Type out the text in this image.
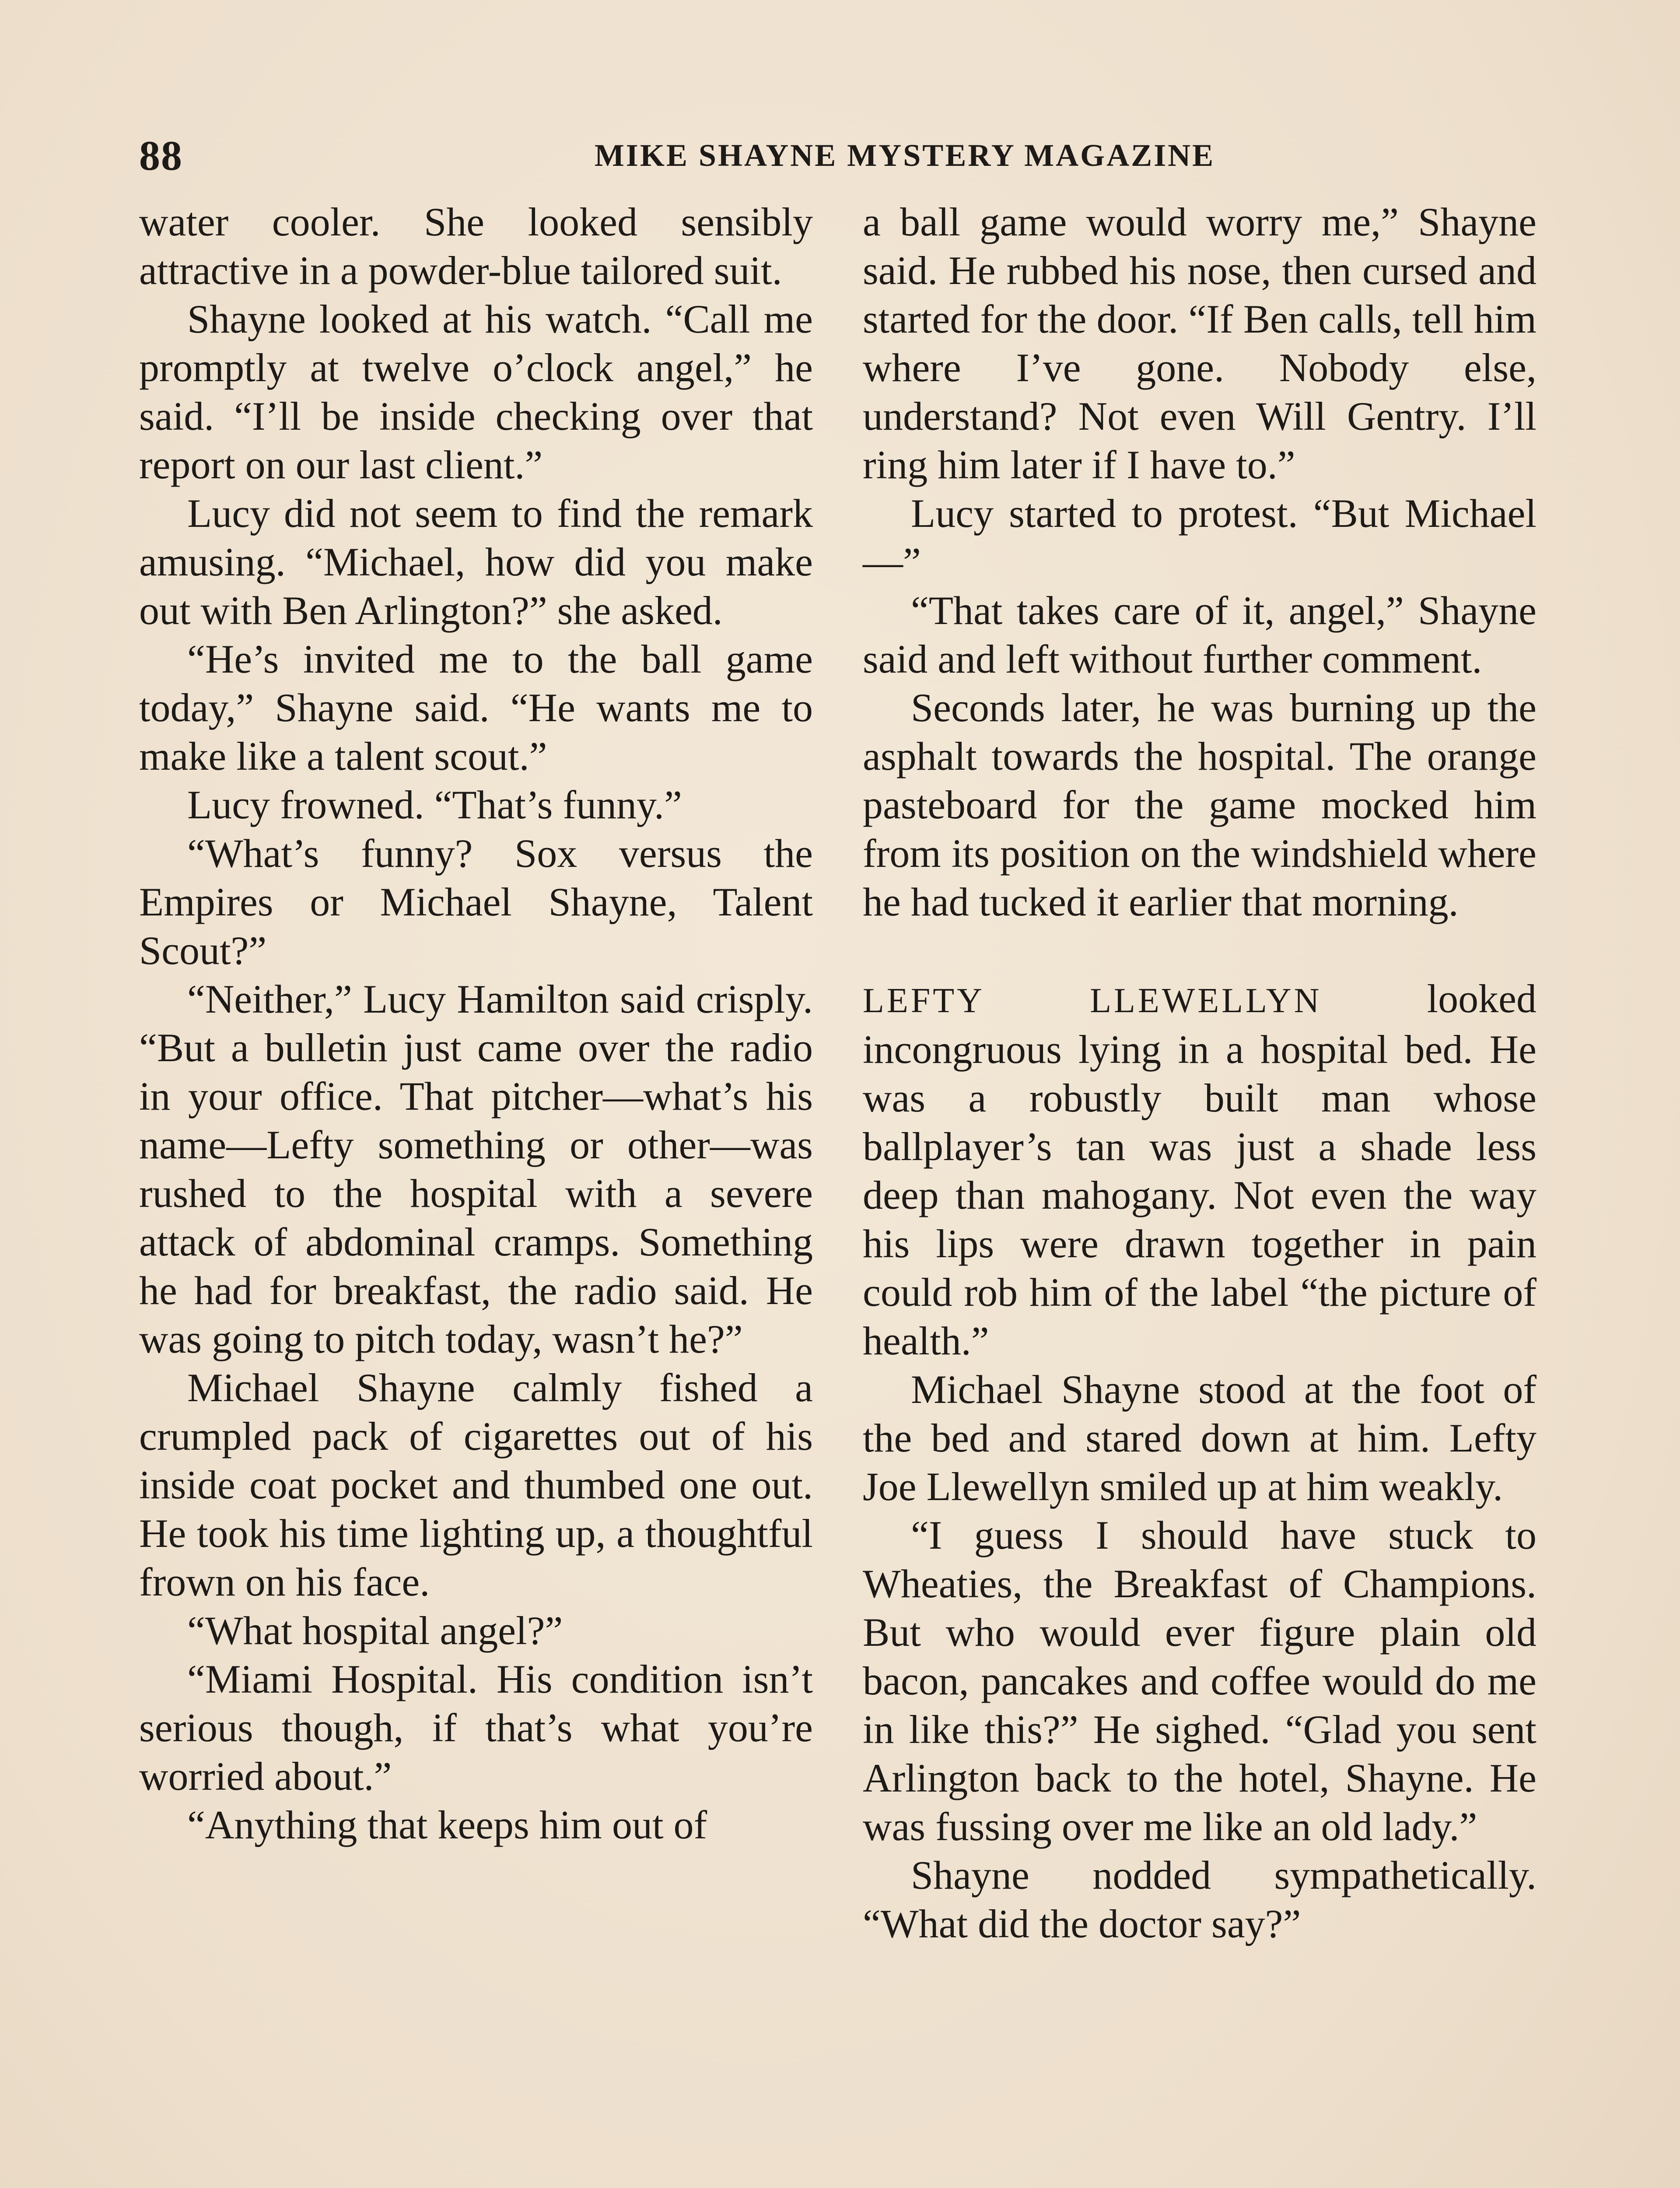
88	MIKE SHAYNE MYSTERY MAGAZINE

water cooler. She looked sensibly attractive in a powder-blue tailored suit.

Shayne looked at his watch. “Call me promptly at twelve o’clock angel,” he said. “I’ll be inside checking over that report on our last client.”

Lucy did not seem to find the remark amusing. “Michael, how did you make out with Ben Arlington?” she asked.

“He’s invited me to the ball game today,” Shayne said. “He wants me to make like a talent scout.”

Lucy frowned. “That’s funny.”

“What’s funny? Sox versus the Empires or Michael Shayne, Talent Scout?”

“Neither,” Lucy Hamilton said crisply. “But a bulletin just came over the radio in your office. That pitcher—what’s his name—Lefty something or other—was rushed to the hospital with a severe attack of abdominal cramps. Something he had for breakfast, the radio said. He was going to pitch today, wasn’t he?”

Michael Shayne calmly fished a crumpled pack of cigarettes out of his inside coat pocket and thumbed one out. He took his time lighting up, a thoughtful frown on his face.

“What hospital angel?”

“Miami Hospital. His condition isn’t serious though, if that’s what you’re worried about.”

“Anything that keeps him out of

a ball game would worry me,” Shayne said. He rubbed his nose, then cursed and started for the door. “If Ben calls, tell him where I’ve gone. Nobody else, understand? Not even Will Gentry. I’ll ring him later if I have to.”

Lucy started to protest. “But Michael—”

“That takes care of it, angel,” Shayne said and left without further comment.

Seconds later, he was burning up the asphalt towards the hospital. The orange pasteboard for the game mocked him from its position on the windshield where he had tucked it earlier that morning.

LEFTY LLEWELLYN looked incongruous lying in a hospital bed. He was a robustly built man whose ballplayer’s tan was just a shade less deep than mahogany. Not even the way his lips were drawn together in pain could rob him of the label “the picture of health.”

Michael Shayne stood at the foot of the bed and stared down at him. Lefty Joe Llewellyn smiled up at him weakly.

“I guess I should have stuck to Wheaties, the Breakfast of Champions. But who would ever figure plain old bacon, pancakes and coffee would do me in like this?” He sighed. “Glad you sent Arlington back to the hotel, Shayne. He was fussing over me like an old lady.”

Shayne nodded sympathetically. “What did the doctor say?”
